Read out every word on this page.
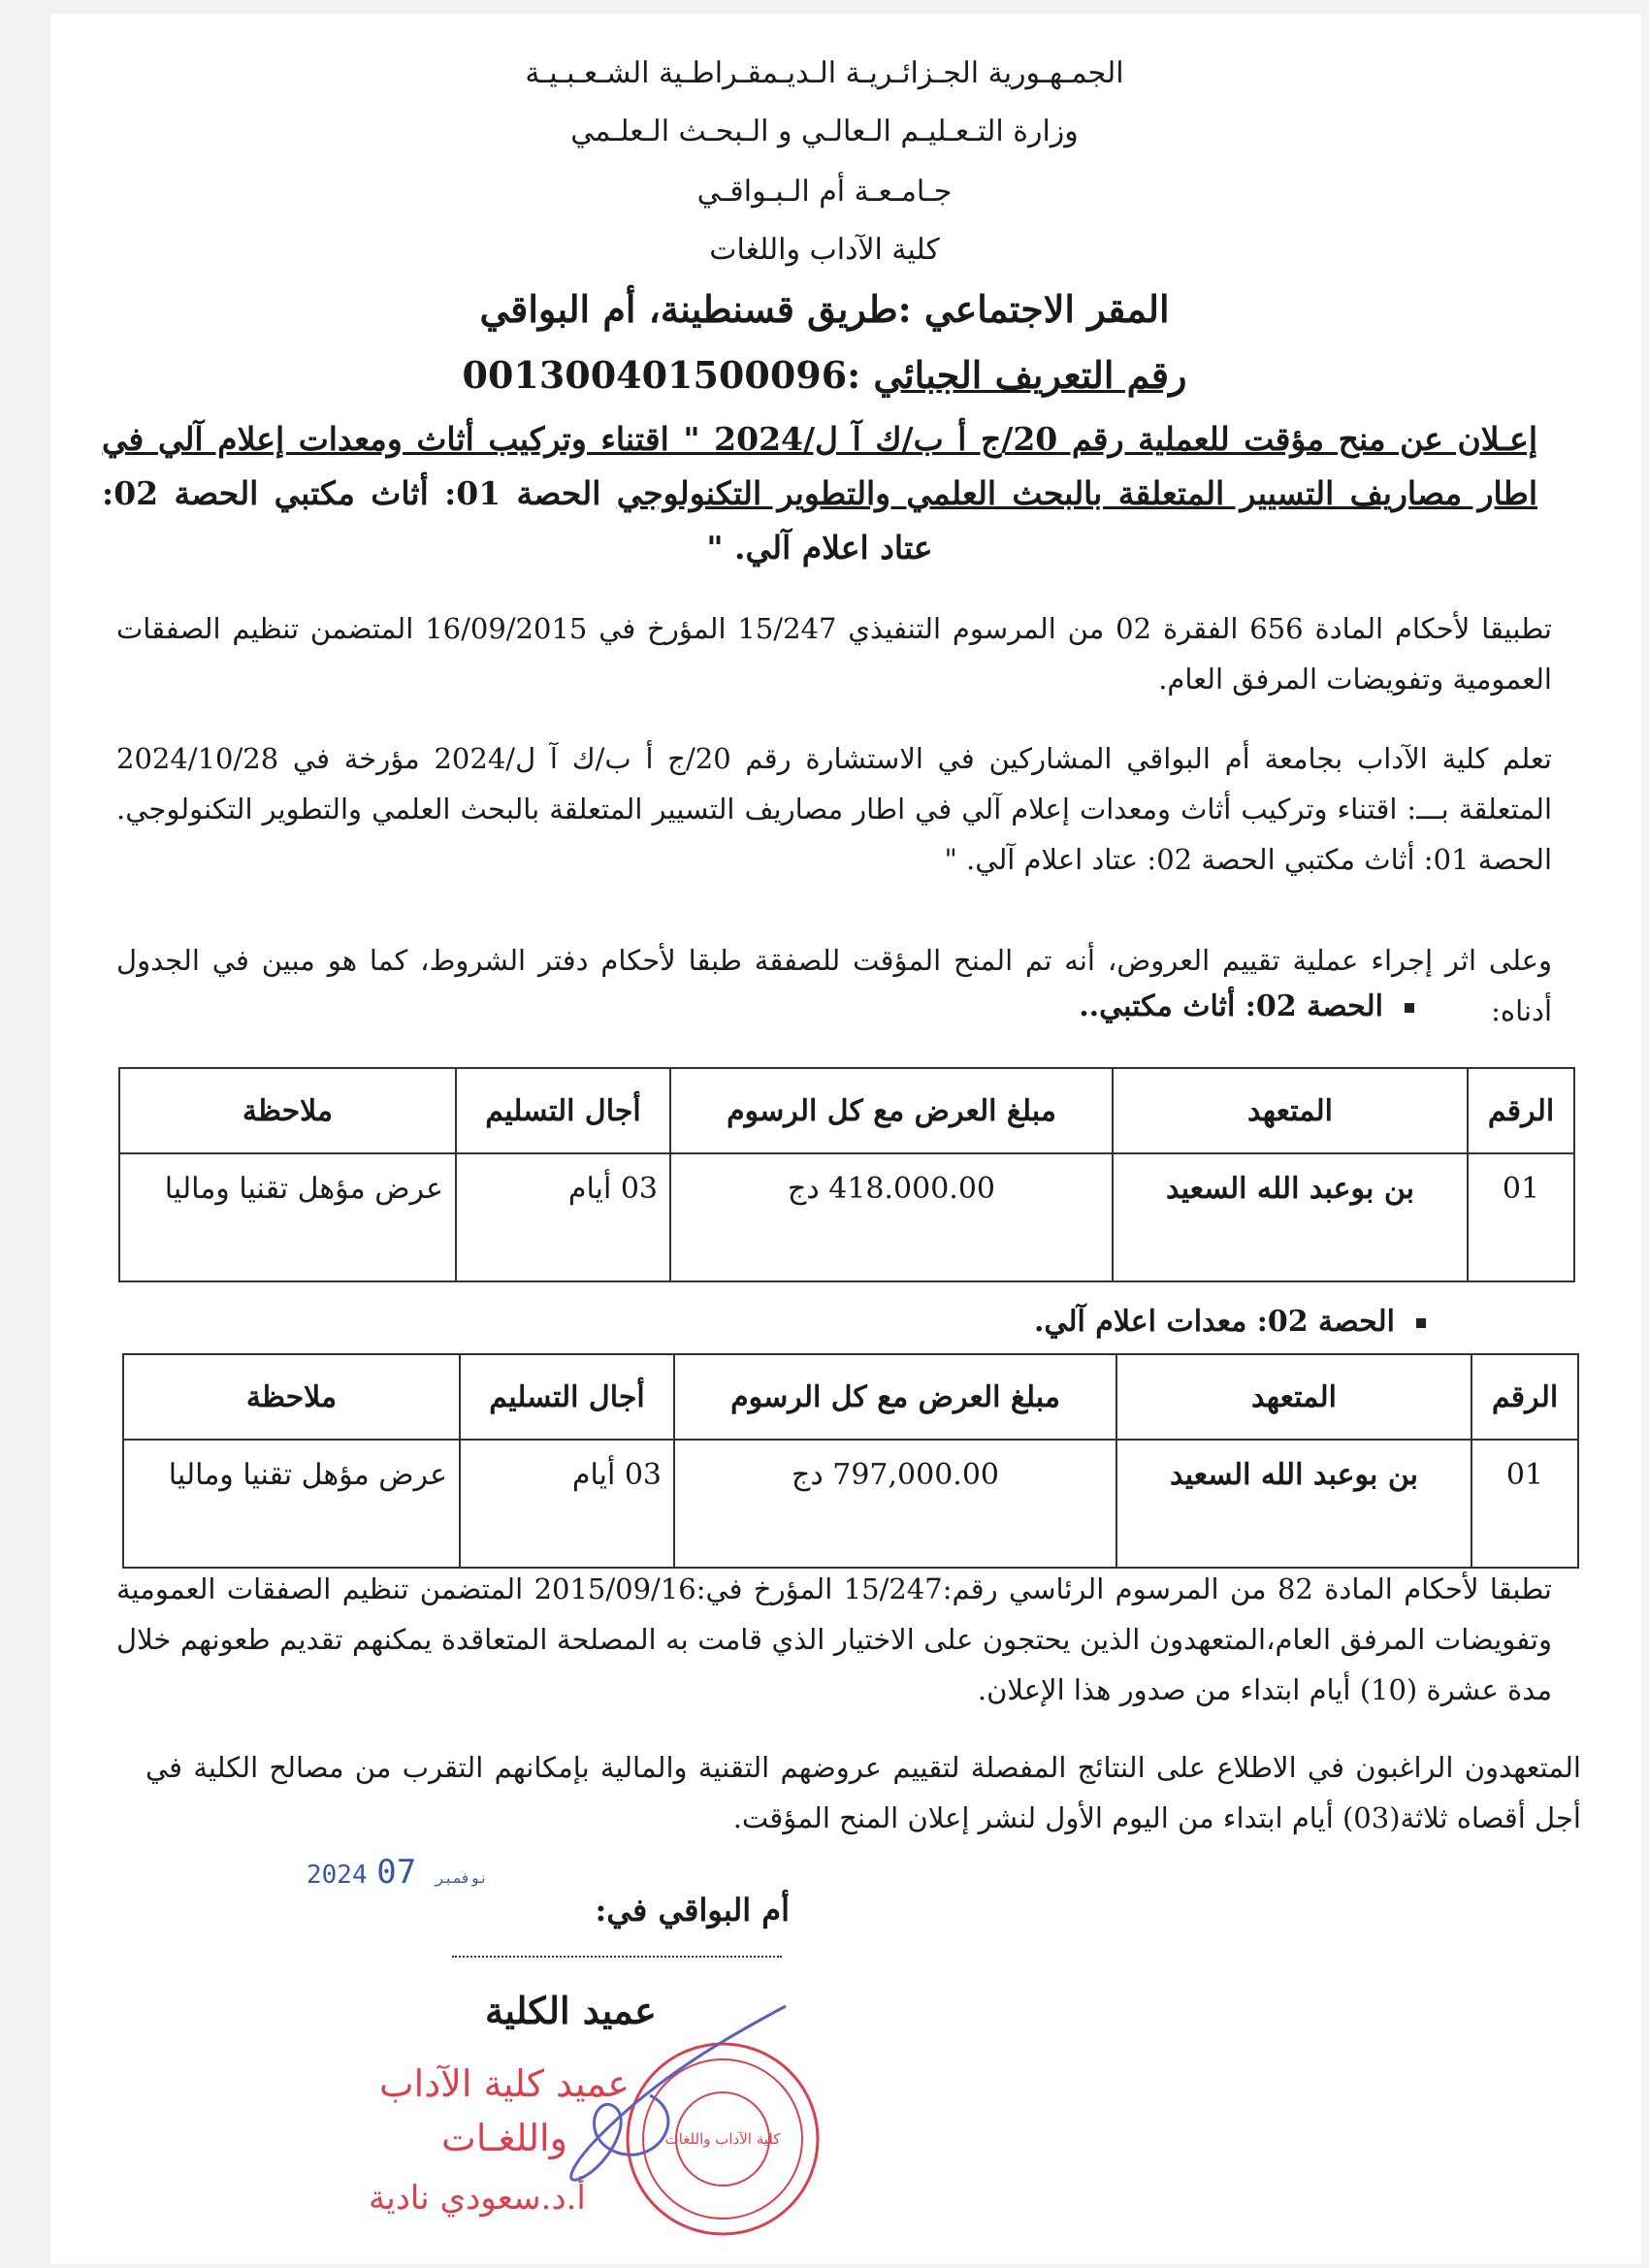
الجمـهـورية الجـزائـريـة الـديـمقـراطـية الشـعـبـيـة
وزارة التـعـليـم الـعالـي و الـبحـث الـعلـمي
جـامـعـة أم الـبـواقـي
كلية الآداب واللغات
المقر الاجتماعي :طريق قسنطينة، أم البواقي
رقم التعريف الجبائي :001300401500096
إعـلان عن منح مؤقت للعملية رقم 20/ج أ ب/ك آ ل/2024 " اقتناء وتركيب أثاث ومعدات إعلام آلي في اطار مصاريف التسيير المتعلقة بالبحث العلمي والتطوير التكنولوجي الحصة 01: أثاث مكتبي الحصة 02: عتاد اعلام آلي. "
تطبيقا لأحكام المادة 656 الفقرة 02 من المرسوم التنفيذي 15/247 المؤرخ في 16/09/2015 المتضمن تنظيم الصفقات العمومية وتفويضات المرفق العام.
تعلم كلية الآداب بجامعة أم البواقي المشاركين في الاستشارة رقم 20/ج أ ب/ك آ ل/2024 مؤرخة في 2024/10/28 المتعلقة بـــ: اقتناء وتركيب أثاث ومعدات إعلام آلي في اطار مصاريف التسيير المتعلقة بالبحث العلمي والتطوير التكنولوجي. الحصة 01: أثاث مكتبي الحصة 02: عتاد اعلام آلي. "
وعلى اثر إجراء عملية تقييم العروض، أنه تم المنح المؤقت للصفقة طبقا لأحكام دفتر الشروط، كما هو مبين في الجدول أدناه:
الحصة 02: أثاث مكتبي..
الرقم	المتعهد	مبلغ العرض مع كل الرسوم	أجال التسليم	ملاحظة
01	بن بوعبد الله السعيد	418.000.00 دج	03 أيام	عرض مؤهل تقنيا وماليا
الحصة 02: معدات اعلام آلي.
الرقم	المتعهد	مبلغ العرض مع كل الرسوم	أجال التسليم	ملاحظة
01	بن بوعبد الله السعيد	797,000.00 دج	03 أيام	عرض مؤهل تقنيا وماليا
تطبقا لأحكام المادة 82 من المرسوم الرئاسي رقم:15/247 المؤرخ في:2015/09/16 المتضمن تنظيم الصفقات العمومية وتفويضات المرفق العام،المتعهدون الذين يحتجون على الاختيار الذي قامت به المصلحة المتعاقدة يمكنهم تقديم طعونهم خلال مدة عشرة (10) أيام ابتداء من صدور هذا الإعلان.
المتعهدون الراغبون في الاطلاع على النتائج المفصلة لتقييم عروضهم التقنية والمالية بإمكانهم التقرب من مصالح الكلية في أجل أقصاه ثلاثة(03) أيام ابتداء من اليوم الأول لنشر إعلان المنح المؤقت.
2024	نوفمبر 07
أم البواقي في:
عميد الكلية
عميد كلية الآداب
واللغـات
أ.د.سعودي نادية
كلية الآداب واللغات
